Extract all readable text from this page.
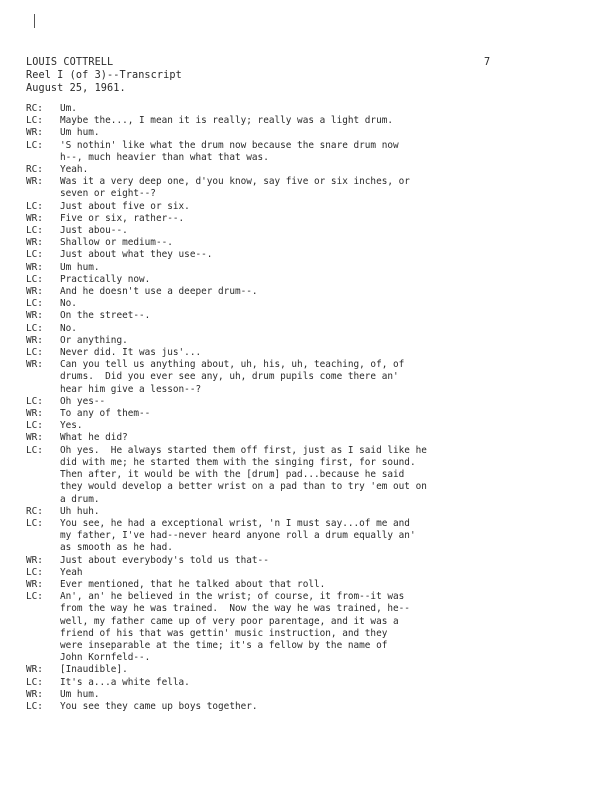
LOUIS COTTRELL
Reel I (of 3)--Transcript
August 25, 1961.
7
RC:	Um.
LC:	Maybe the..., I mean it is really; really was a light drum.
WR:	Um hum.
LC:	'S nothin' like what the drum now because the snare drum now
h--, much heavier than what that was.
RC:	Yeah.
WR:	Was it a very deep one, d'you know, say five or six inches, or
seven or eight--?
LC:	Just about five or six.
WR:	Five or six, rather--.
LC:	Just abou--.
WR:	Shallow or medium--.
LC:	Just about what they use--.
WR:	Um hum.
LC:	Practically now.
WR:	And he doesn't use a deeper drum--.
LC:	No.
WR:	On the street--.
LC:	No.
WR:	Or anything.
LC:	Never did. It was jus'...
WR:	Can you tell us anything about, uh, his, uh, teaching, of, of
drums.  Did you ever see any, uh, drum pupils come there an'
hear him give a lesson--?
LC:	Oh yes--
WR:	To any of them--
LC:	Yes.
WR:	What he did?
LC:	Oh yes.  He always started them off first, just as I said like he
did with me; he started them with the singing first, for sound.
Then after, it would be with the [drum] pad...because he said
they would develop a better wrist on a pad than to try 'em out on
a drum.
RC:	Uh huh.
LC:	You see, he had a exceptional wrist, 'n I must say...of me and
my father, I've had--never heard anyone roll a drum equally an'
as smooth as he had.
WR:	Just about everybody's told us that--
LC:	Yeah
WR:	Ever mentioned, that he talked about that roll.
LC:	An', an' he believed in the wrist; of course, it from--it was
from the way he was trained.  Now the way he was trained, he--
well, my father came up of very poor parentage, and it was a
friend of his that was gettin' music instruction, and they
were inseparable at the time; it's a fellow by the name of
John Kornfeld--.
WR:	[Inaudible].
LC:	It's a...a white fella.
WR:	Um hum.
LC:	You see they came up boys together.
